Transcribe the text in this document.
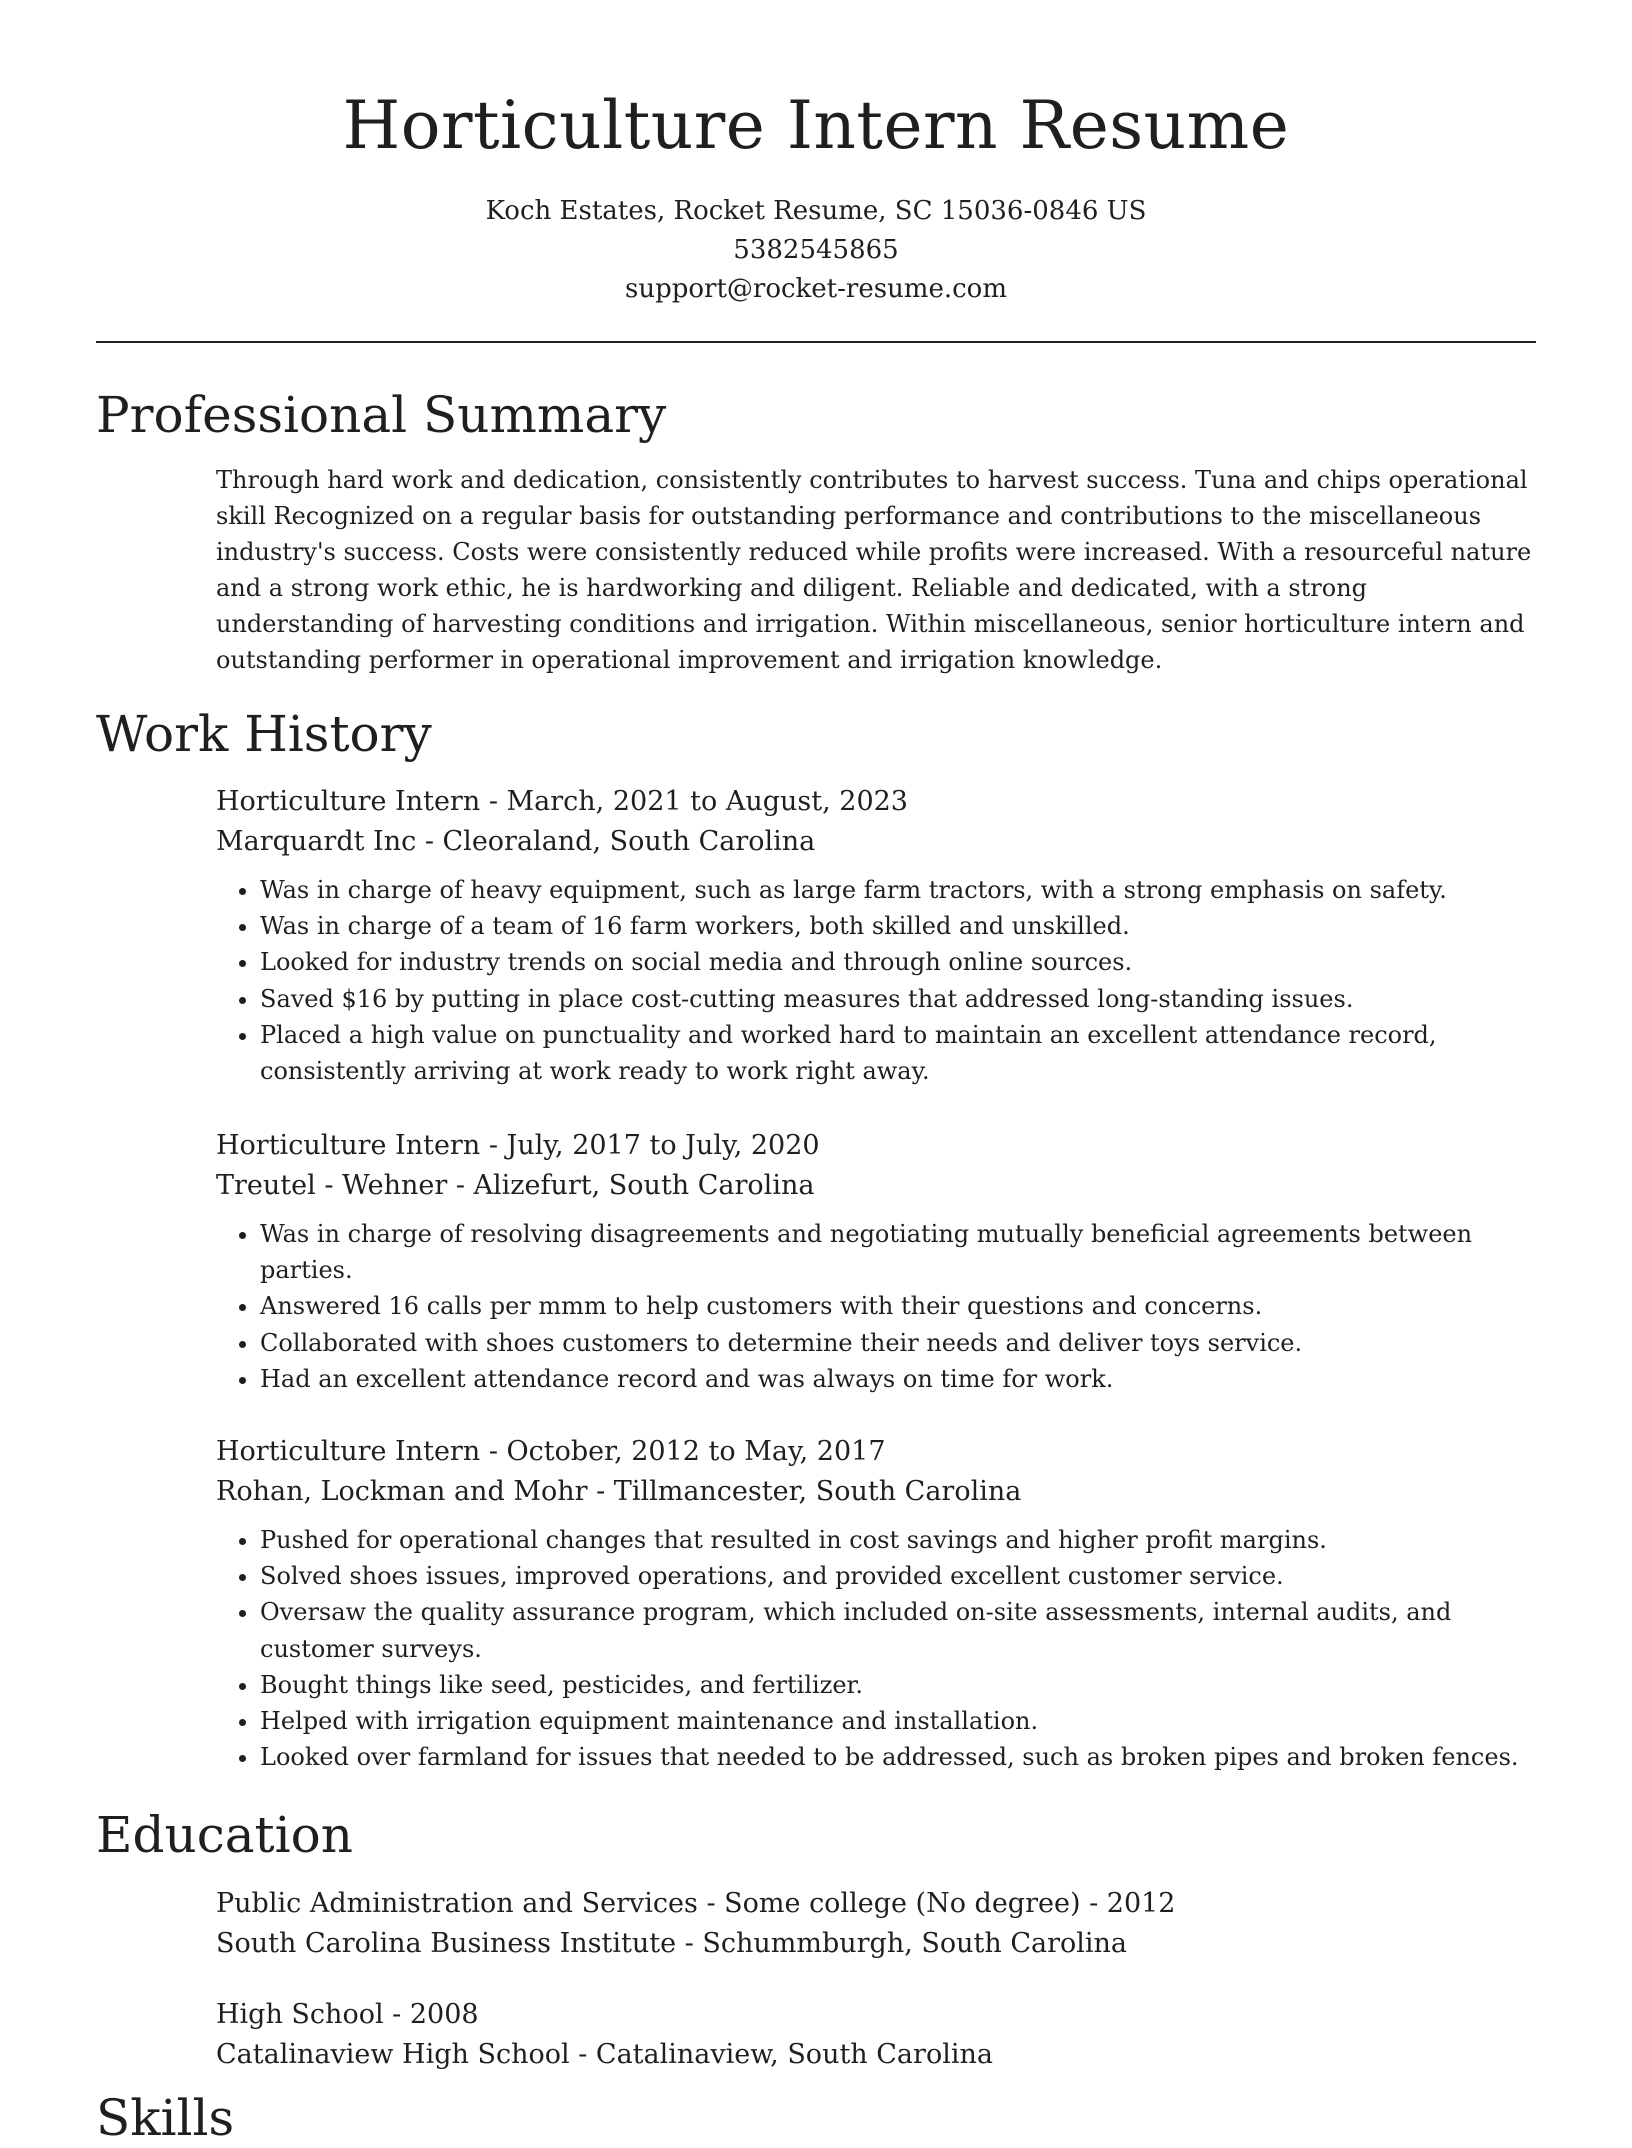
Horticulture Intern Resume
Koch Estates, Rocket Resume, SC 15036-0846 US
5382545865
support@rocket-resume.com
Professional Summary

Through hard work and dedication, consistently contributes to harvest success. Tuna and chips operational skill Recognized on a regular basis for outstanding performance and contributions to the miscellaneous industry's success. Costs were consistently reduced while profits were increased. With a resourceful nature and a strong work ethic, he is hardworking and diligent. Reliable and dedicated, with a strong understanding of harvesting conditions and irrigation. Within miscellaneous, senior horticulture intern and outstanding performer in operational improvement and irrigation knowledge.

Work History
Horticulture Intern - March, 2021 to August, 2023
Marquardt Inc - Cleoraland, South Carolina
• Was in charge of heavy equipment, such as large farm tractors, with a strong emphasis on safety.
• Was in charge of a team of 16 farm workers, both skilled and unskilled.
• Looked for industry trends on social media and through online sources.
• Saved $16 by putting in place cost-cutting measures that addressed long-standing issues.
• Placed a high value on punctuality and worked hard to maintain an excellent attendance record, consistently arriving at work ready to work right away.
Horticulture Intern - July, 2017 to July, 2020
Treutel - Wehner - Alizefurt, South Carolina
• Was in charge of resolving disagreements and negotiating mutually beneficial agreements between parties.
• Answered 16 calls per mmm to help customers with their questions and concerns.
• Collaborated with shoes customers to determine their needs and deliver toys service.
• Had an excellent attendance record and was always on time for work.
Horticulture Intern - October, 2012 to May, 2017
Rohan, Lockman and Mohr - Tillmancester, South Carolina
• Pushed for operational changes that resulted in cost savings and higher profit margins.
• Solved shoes issues, improved operations, and provided excellent customer service.
• Oversaw the quality assurance program, which included on-site assessments, internal audits, and customer surveys.
• Bought things like seed, pesticides, and fertilizer.
• Helped with irrigation equipment maintenance and installation.
• Looked over farmland for issues that needed to be addressed, such as broken pipes and broken fences.
Education
Public Administration and Services - Some college (No degree) - 2012
South Carolina Business Institute - Schummburgh, South Carolina
High School - 2008
Catalinaview High School - Catalinaview, South Carolina
Skills
